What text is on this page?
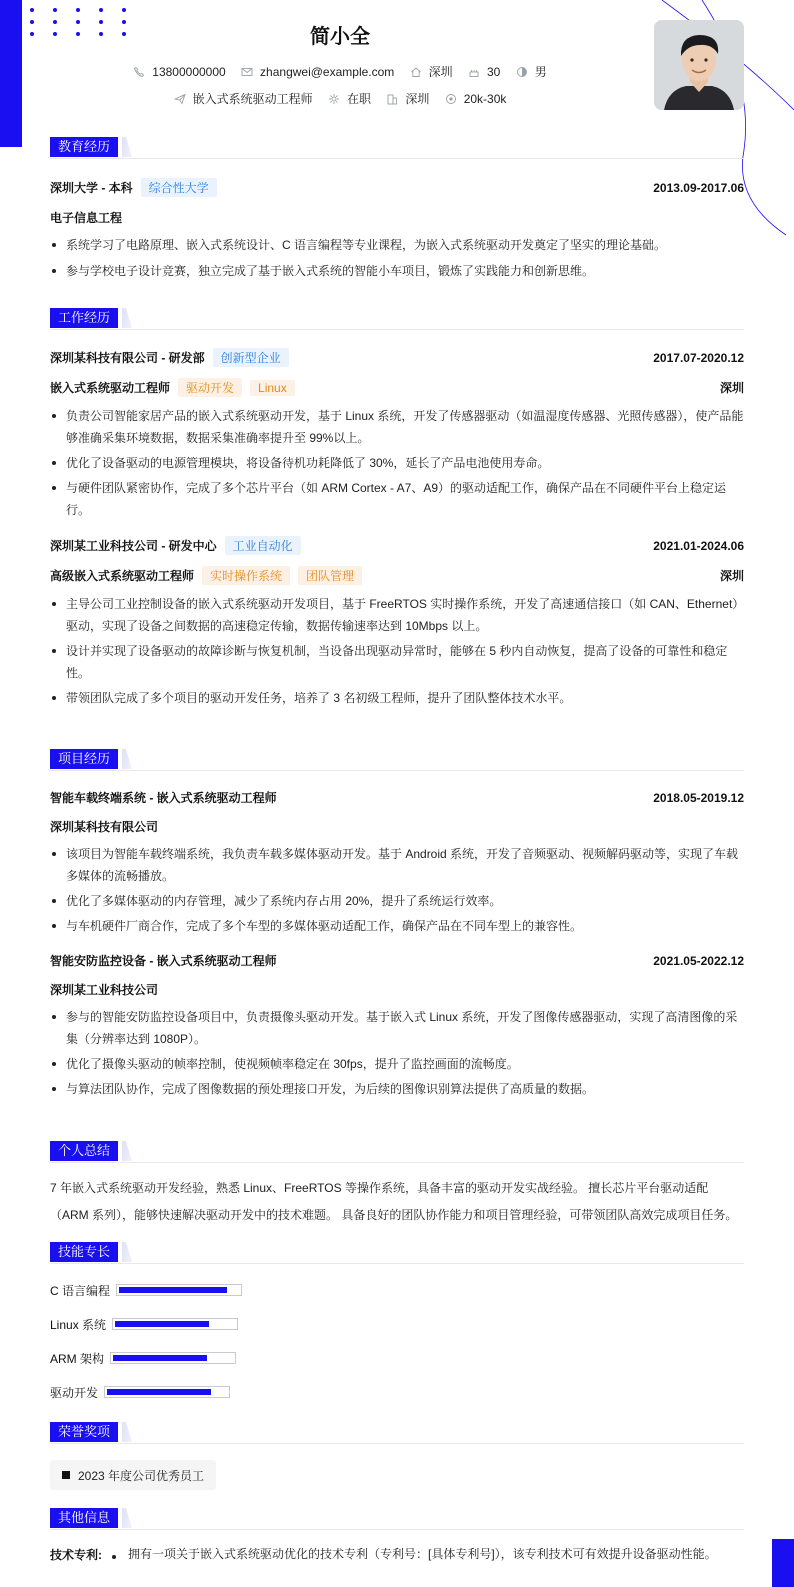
简小全
13800000000
	zhangwei@example.com
	深圳
	30
	男
嵌入式系统驱动工程师
	在职
	深圳
	20k-30k
教育经历
深圳大学 - 本科 综合性大学	2013.09-2017.06
电子信息工程
系统学习了电路原理、嵌入式系统设计、C 语言编程等专业课程，为嵌入式系统驱动开发奠定了坚实的理论基础。
参与学校电子设计竞赛，独立完成了基于嵌入式系统的智能小车项目，锻炼了实践能力和创新思维。
工作经历
深圳某科技有限公司 - 研发部 创新型企业	2017.07-2020.12
嵌入式系统驱动工程师 驱动开发 Linux	深圳
负责公司智能家居产品的嵌入式系统驱动开发，基于 Linux 系统，开发了传感器驱动（如温湿度传感器、光照传感器），使产品能够准确采集环境数据，数据采集准确率提升至 99%以上。
优化了设备驱动的电源管理模块，将设备待机功耗降低了 30%，延长了产品电池使用寿命。
与硬件团队紧密协作，完成了多个芯片平台（如 ARM Cortex - A7、A9）的驱动适配工作，确保产品在不同硬件平台上稳定运行。
深圳某工业科技公司 - 研发中心 工业自动化	2021.01-2024.06
高级嵌入式系统驱动工程师 实时操作系统 团队管理	深圳
主导公司工业控制设备的嵌入式系统驱动开发项目，基于 FreeRTOS 实时操作系统，开发了高速通信接口（如 CAN、Ethernet）驱动，实现了设备之间数据的高速稳定传输，数据传输速率达到 10Mbps 以上。
设计并实现了设备驱动的故障诊断与恢复机制，当设备出现驱动异常时，能够在 5 秒内自动恢复，提高了设备的可靠性和稳定性。
带领团队完成了多个项目的驱动开发任务，培养了 3 名初级工程师，提升了团队整体技术水平。
项目经历
智能车载终端系统 - 嵌入式系统驱动工程师	2018.05-2019.12
深圳某科技有限公司
该项目为智能车载终端系统，我负责车载多媒体驱动开发。基于 Android 系统，开发了音频驱动、视频解码驱动等，实现了车载多媒体的流畅播放。
优化了多媒体驱动的内存管理，减少了系统内存占用 20%，提升了系统运行效率。
与车机硬件厂商合作，完成了多个车型的多媒体驱动适配工作，确保产品在不同车型上的兼容性。
智能安防监控设备 - 嵌入式系统驱动工程师	2021.05-2022.12
深圳某工业科技公司
参与的智能安防监控设备项目中，负责摄像头驱动开发。基于嵌入式 Linux 系统，开发了图像传感器驱动，实现了高清图像的采集（分辨率达到 1080P）。
优化了摄像头驱动的帧率控制，使视频帧率稳定在 30fps，提升了监控画面的流畅度。
与算法团队协作，完成了图像数据的预处理接口开发，为后续的图像识别算法提供了高质量的数据。
个人总结
7 年嵌入式系统驱动开发经验，熟悉 Linux、FreeRTOS 等操作系统，具备丰富的驱动开发实战经验。 擅长芯片平台驱动适配（ARM 系列），能够快速解决驱动开发中的技术难题。 具备良好的团队协作能力和项目管理经验，可带领团队高效完成项目任务。
技能专长
C 语言编程
Linux 系统
ARM 架构
驱动开发
荣誉奖项
2023 年度公司优秀员工
其他信息
技术专利:	拥有一项关于嵌入式系统驱动优化的技术专利（专利号：[具体专利号]），该专利技术可有效提升设备驱动性能。
